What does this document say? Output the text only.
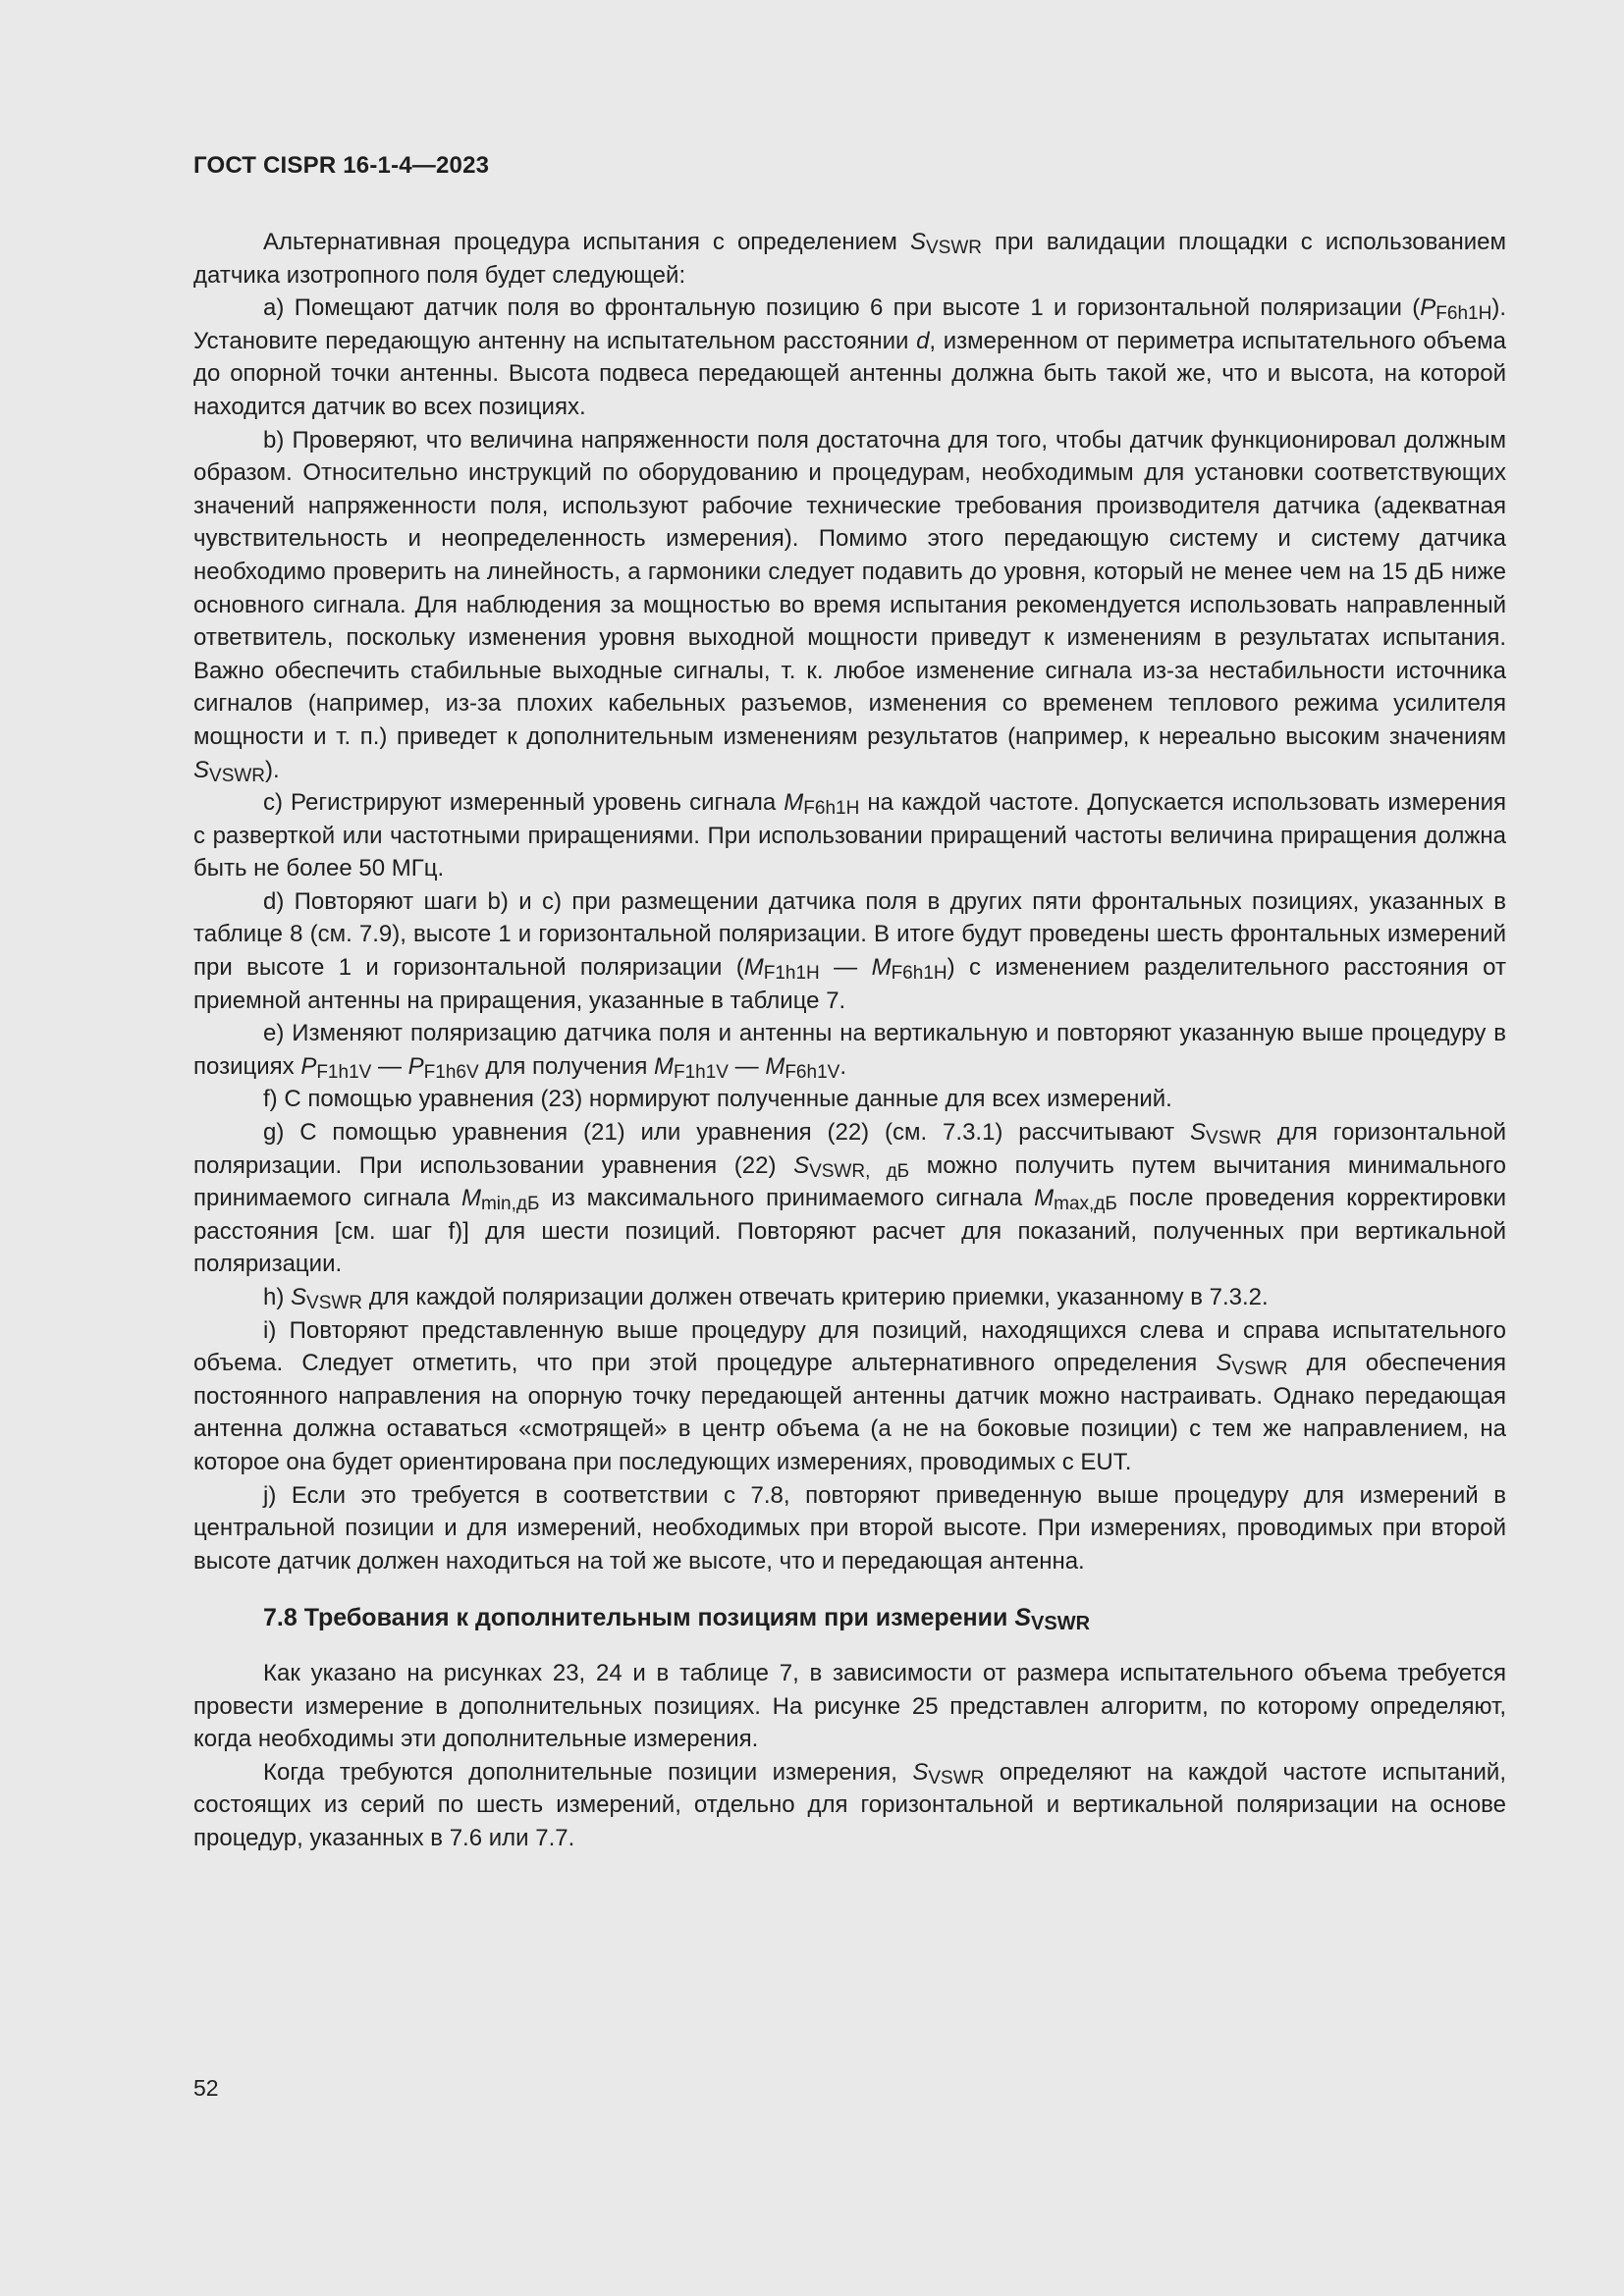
ГОСТ CISPR 16-1-4—2023

Альтернативная процедура испытания с определением $S_{VSWR}$ при валидации площадки с использованием датчика изотропного поля будет следующей:

a) Помещают датчик поля во фронтальную позицию 6 при высоте 1 и горизонтальной поляризации $(P_{F6h1H})$. Установите передающую антенну на испытательном расстоянии d, измеренном от периметра испытательного объема до опорной точки антенны. Высота подвеса передающей антенны должна быть такой же, что и высота, на которой находится датчик во всех позициях.

b) Проверяют, что величина напряженности поля достаточна для того, чтобы датчик функционировал должным образом. Относительно инструкций по оборудованию и процедурам, необходимым для установки соответствующих значений напряженности поля, используют рабочие технические требования производителя датчика (адекватная чувствительность и неопределенность измерения). Помимо этого передающую систему и систему датчика необходимо проверить на линейность, а гармоники следует подавить до уровня, который не менее чем на 15 дБ ниже основного сигнала. Для наблюдения за мощностью во время испытания рекомендуется использовать направленный ответвитель, поскольку изменения уровня выходной мощности приведут к изменениям в результатах испытания. Важно обеспечить стабильные выходные сигналы, т. к. любое изменение сигнала из-за нестабильности источника сигналов (например, из-за плохих кабельных разъемов, изменения со временем теплового режима усилителя мощности и т. п.) приведет к дополнительным изменениям результатов (например, к нереально высоким значениям $S_{VSWR}$).

c) Регистрируют измеренный уровень сигнала $M_{F6h1H}$ на каждой частоте. Допускается использовать измерения с разверткой или частотными приращениями. При использовании приращений частоты величина приращения должна быть не более 50 МГц.

d) Повторяют шаги b) и c) при размещении датчика поля в других пяти фронтальных позициях, указанных в таблице 8 (см. 7.9), высоте 1 и горизонтальной поляризации. В итоге будут проведены шесть фронтальных измерений при высоте 1 и горизонтальной поляризации ($M_{F1h1H}$ — $M_{F6h1H}$) с изменением разделительного расстояния от приемной антенны на приращения, указанные в таблице 7.

e) Изменяют поляризацию датчика поля и антенны на вертикальную и повторяют указанную выше процедуру в позициях $P_{F1h1V}$ — $P_{F1h6V}$ для получения $M_{F1h1V}$ — $M_{F6h1V}$.

f) С помощью уравнения (23) нормируют полученные данные для всех измерений.

g) С помощью уравнения (21) или уравнения (22) (см. 7.3.1) рассчитывают $S_{VSWR}$ для горизонтальной поляризации. При использовании уравнения (22) $S_{VSWR, дБ}$ можно получить путем вычитания минимального принимаемого сигнала $M_{min,дБ}$ из максимального принимаемого сигнала $M_{max,дБ}$ после проведения корректировки расстояния [см. шаг f)] для шести позиций. Повторяют расчет для показаний, полученных при вертикальной поляризации.

h) $S_{VSWR}$ для каждой поляризации должен отвечать критерию приемки, указанному в 7.3.2.

i) Повторяют представленную выше процедуру для позиций, находящихся слева и справа испытательного объема. Следует отметить, что при этой процедуре альтернативного определения $S_{VSWR}$ для обеспечения постоянного направления на опорную точку передающей антенны датчик можно настраивать. Однако передающая антенна должна оставаться «смотрящей» в центр объема (а не на боковые позиции) с тем же направлением, на которое она будет ориентирована при последующих измерениях, проводимых с EUT.

j) Если это требуется в соответствии с 7.8, повторяют приведенную выше процедуру для измерений в центральной позиции и для измерений, необходимых при второй высоте. При измерениях, проводимых при второй высоте датчик должен находиться на той же высоте, что и передающая антенна.

7.8 Требования к дополнительным позициям при измерении $S_{VSWR}$

Как указано на рисунках 23, 24 и в таблице 7, в зависимости от размера испытательного объема требуется провести измерение в дополнительных позициях. На рисунке 25 представлен алгоритм, по которому определяют, когда необходимы эти дополнительные измерения.

Когда требуются дополнительные позиции измерения, $S_{VSWR}$ определяют на каждой частоте испытаний, состоящих из серий по шесть измерений, отдельно для горизонтальной и вертикальной поляризации на основе процедур, указанных в 7.6 или 7.7.

52
